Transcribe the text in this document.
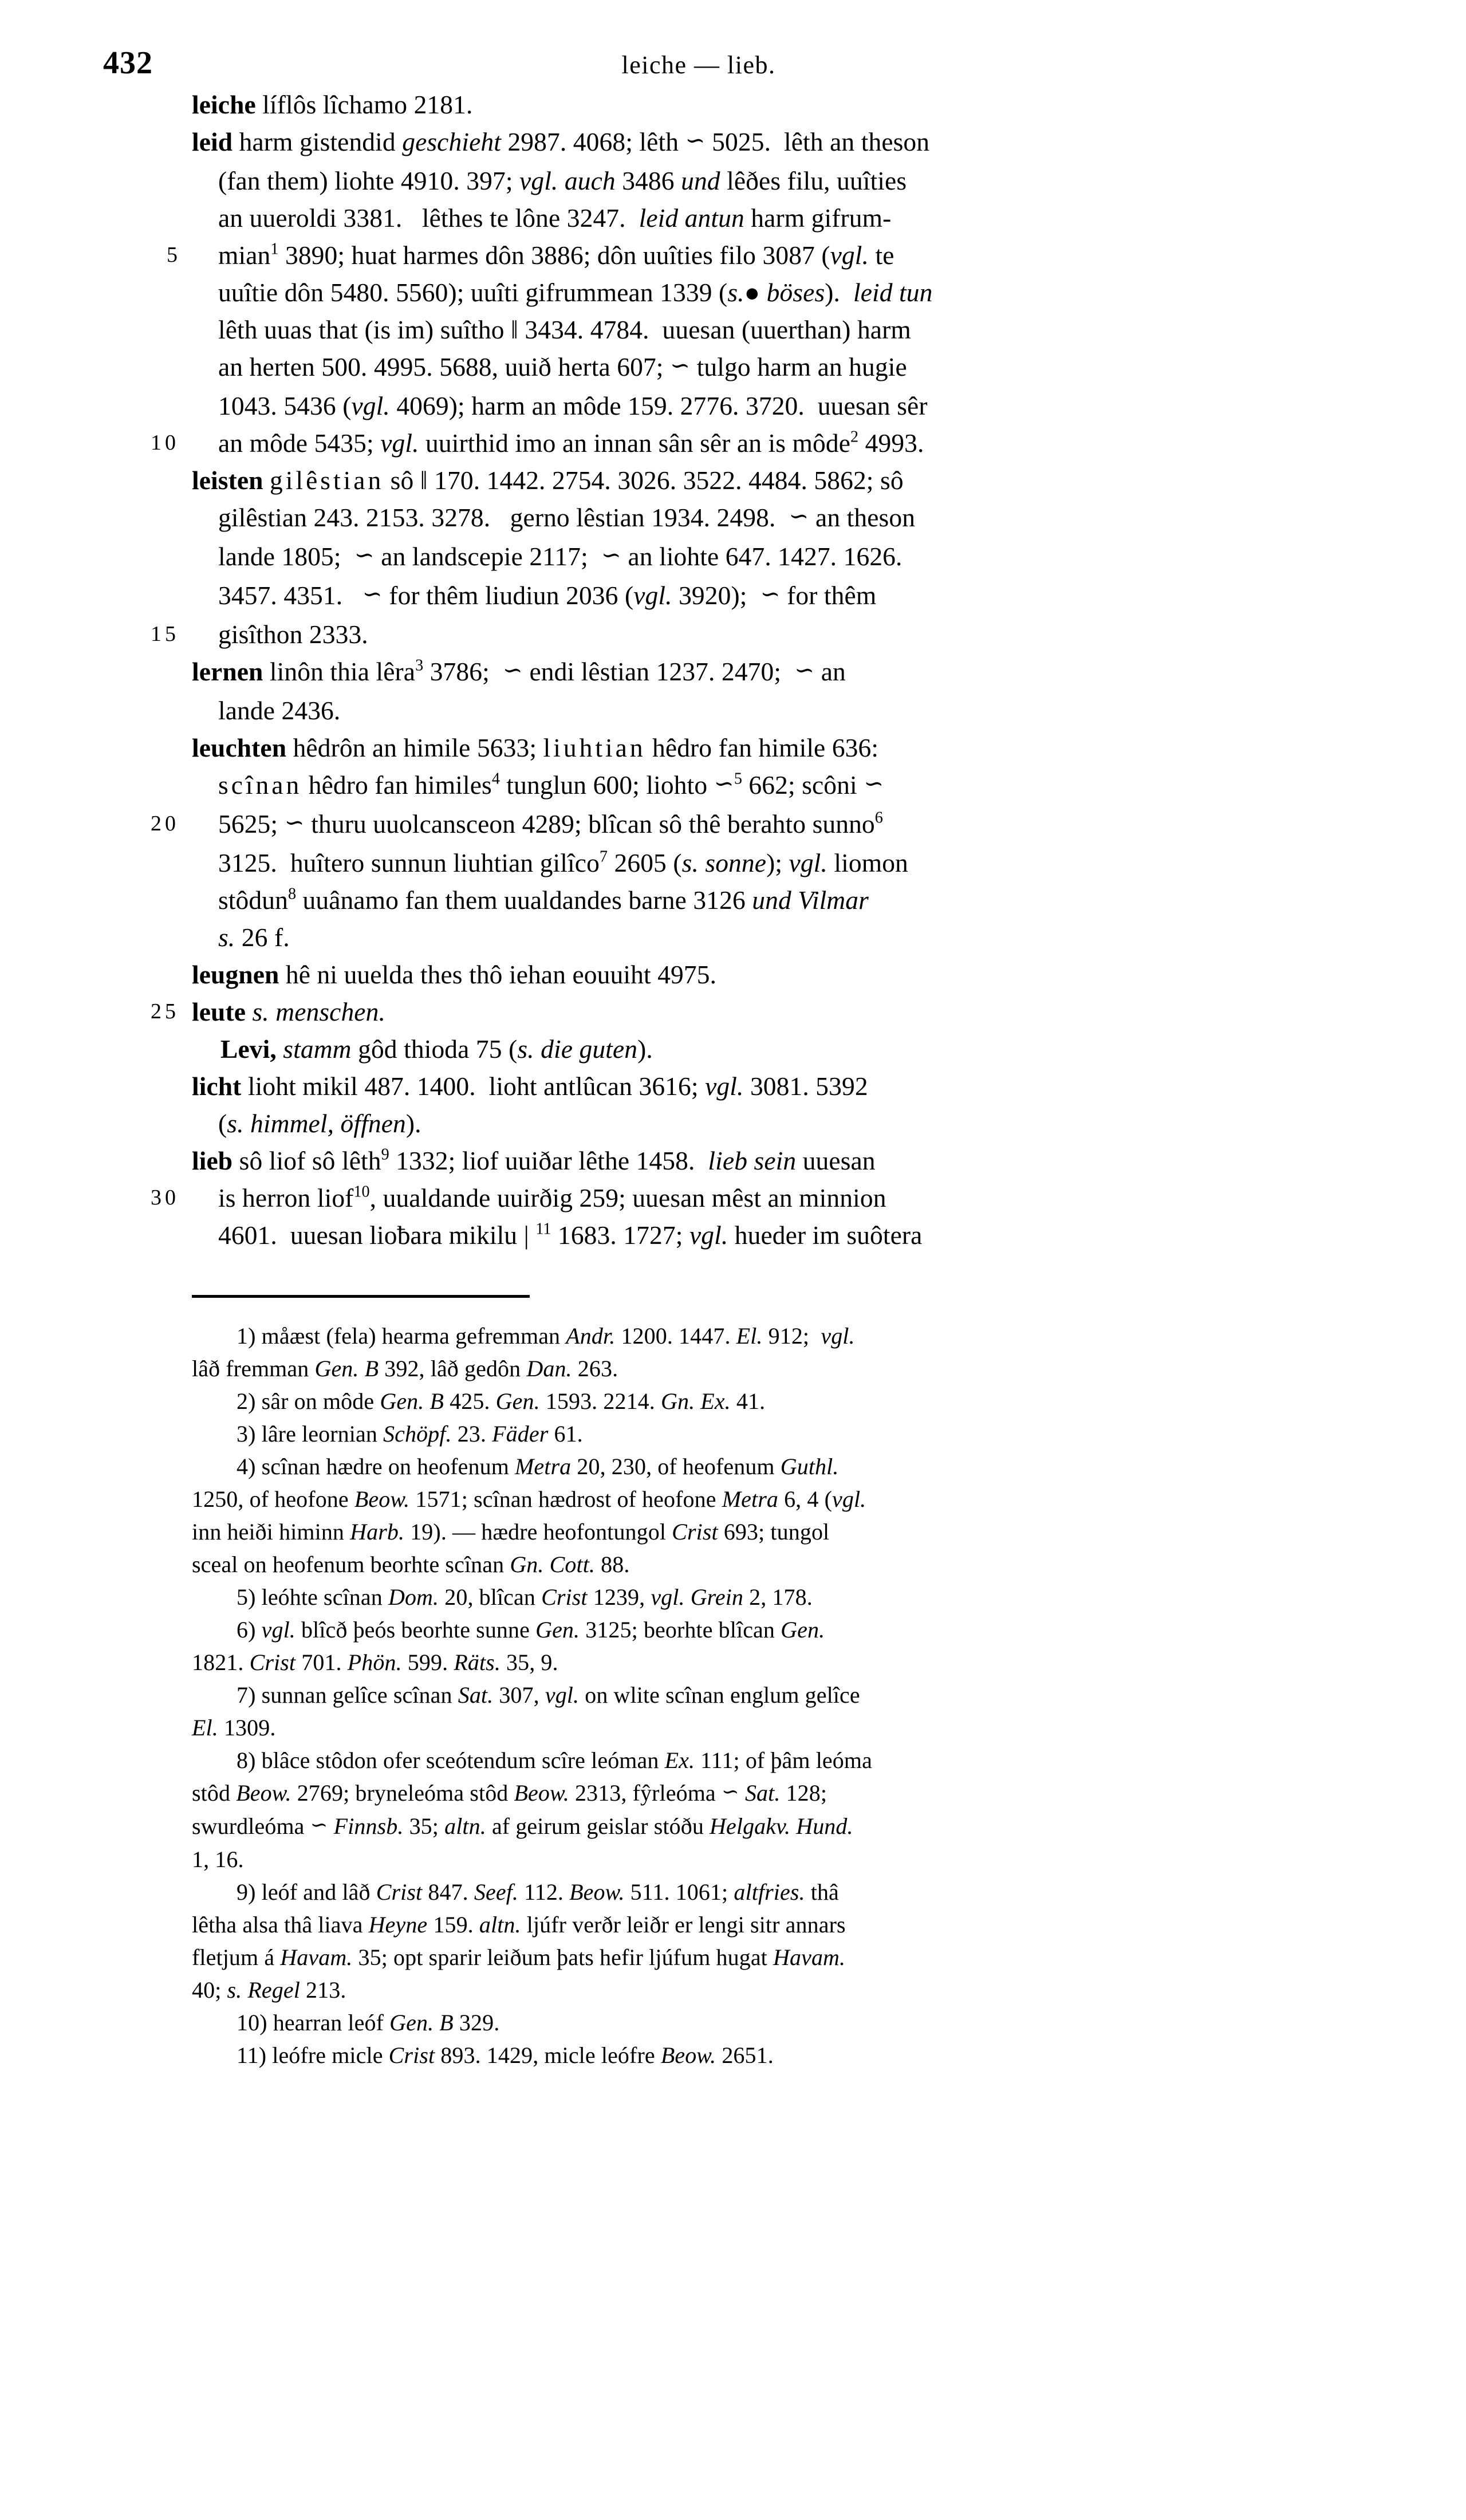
432	leiche — lieb.
leiche líflôs lîchamo 2181.
leid harm gistendid geschieht 2987. 4068; lêth ∽ 5025.  lêth an theson
(fan them) liohte 4910. 397; vgl. auch 3486 und lêðes filu, uuîties
an uueroldi 3381.   lêthes te lône 3247.  leid antun harm gifrum-
5 mian$^1$ 3890; huat harmes dôn 3886; dôn uuîties filo 3087 (vgl. te
uuîtie dôn 5480. 5560); uuîti gifrummean 1339 (s.● böses).  leid tun
lêth uuas that (is im) suîtho ‖ 3434. 4784.  uuesan (uuerthan) harm
an herten 500. 4995. 5688, uuið herta 607; ∽ tulgo harm an hugie
1043. 5436 (vgl. 4069); harm an môde 159. 2776. 3720.  uuesan sêr
10 an môde 5435; vgl. uuirthid imo an innan sân sêr an is môde$^2$ 4993.
leisten gilêstian sô ‖ 170. 1442. 2754. 3026. 3522. 4484. 5862; sô
gilêstian 243. 2153. 3278.   gerno lêstian 1934. 2498.  ∽ an theson
lande 1805;  ∽ an landscepie 2117;  ∽ an liohte 647. 1427. 1626.
3457. 4351.   ∽ for thêm liudiun 2036 (vgl. 3920);  ∽ for thêm
15 gisîthon 2333.
lernen linôn thia lêra$^3$ 3786;  ∽ endi lêstian 1237. 2470;  ∽ an
lande 2436.
leuchten hêdrôn an himile 5633; liuhtian hêdro fan himile 636:
scînan hêdro fan himiles$^4$ tunglun 600; liohto ∽$^5$ 662; scôni ∽
20 5625; ∽ thuru uuolcansceon 4289; blîcan sô thê berahto sunno$^6$
3125.  huîtero sunnun liuhtian gilîco$^7$ 2605 (s. sonne); vgl. liomon
stôdun$^8$ uuânamo fan them uualdandes barne 3126 und Vilmar
s. 26 f.
leugnen hê ni uuelda thes thô iehan eouuiht 4975.
25 leute s. menschen.
Levi, stamm gôd thioda 75 (s. die guten).
licht lioht mikil 487. 1400.  lioht antlûcan 3616; vgl. 3081. 5392
(s. himmel, öffnen).
lieb sô liof sô lêth$^9$ 1332; liof uuiðar lêthe 1458.  lieb sein uuesan
30 is herron liof$^{10}$, uualdande uuirðig 259; uuesan mêst an minnion
4601.  uuesan lioƀara mikilu | $^{11}$ 1683. 1727; vgl. hueder im suôtera
1) måæst (fela) hearma gefremman Andr. 1200. 1447. El. 912;  vgl.
lâð fremman Gen. B 392, lâð gedôn Dan. 263.
2) sâr on môde Gen. B 425. Gen. 1593. 2214. Gn. Ex. 41.
3) lâre leornian Schöpf. 23. Fäder 61.
4) scînan hædre on heofenum Metra 20, 230, of heofenum Guthl.
1250, of heofone Beow. 1571; scînan hædrost of heofone Metra 6, 4 (vgl.
inn heiði himinn Harb. 19). — hædre heofontungol Crist 693; tungol
sceal on heofenum beorhte scînan Gn. Cott. 88.
5) leóhte scînan Dom. 20, blîcan Crist 1239, vgl. Grein 2, 178.
6) vgl. blîcð þeós beorhte sunne Gen. 3125; beorhte blîcan Gen.
1821. Crist 701. Phön. 599. Räts. 35, 9.
7) sunnan gelîce scînan Sat. 307, vgl. on wlite scînan englum gelîce
El. 1309.
8) blâce stôdon ofer sceótendum scîre leóman Ex. 111; of þâm leóma
stôd Beow. 2769; bryneleóma stôd Beow. 2313, fŷrleóma ∽ Sat. 128;
swurdleóma ∽ Finnsb. 35; altn. af geirum geislar stóðu Helgakv. Hund.
1, 16.
9) leóf and lâð Crist 847. Seef. 112. Beow. 511. 1061; altfries. thâ
lêtha alsa thâ liava Heyne 159. altn. ljúfr verðr leiðr er lengi sitr annars
fletjum á Havam. 35; opt sparir leiðum þats hefir ljúfum hugat Havam.
40; s. Regel 213.
10) hearran leóf Gen. B 329.
11) leófre micle Crist 893. 1429, micle leófre Beow. 2651.
